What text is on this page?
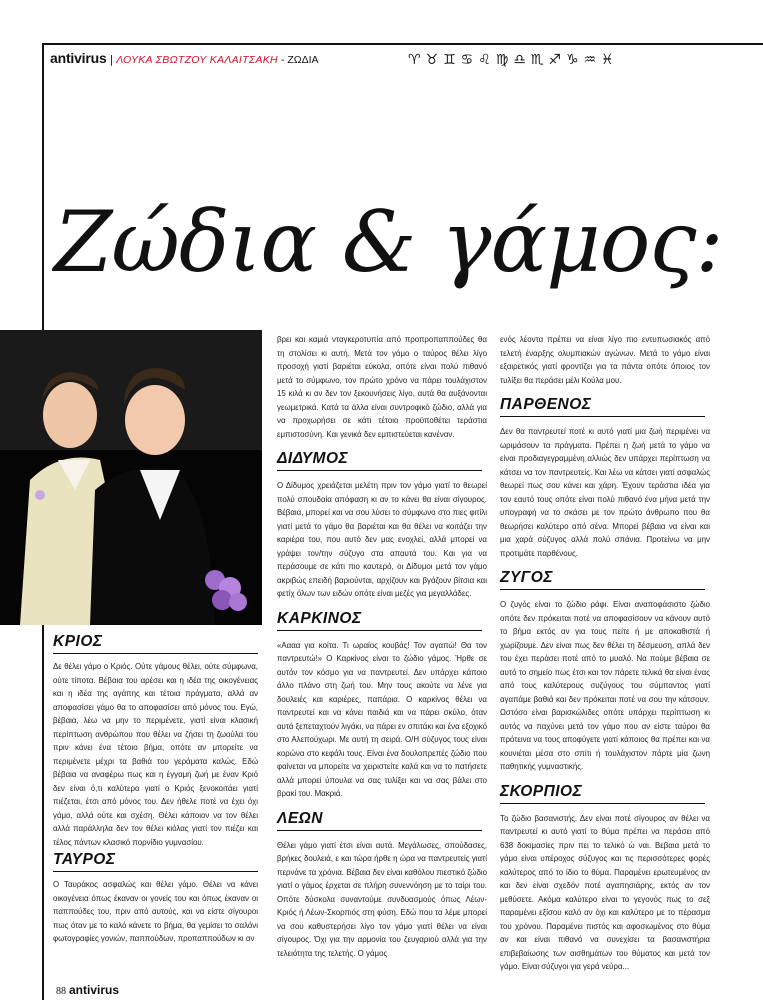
antivirus | ΛΟΥΚΑ ΣΒΩΤΖΟΥ ΚΑΛΑΙΤΣΑΚΗ - ΖΩΔΙΑ	♈♉♊♋♌♍♎♏♐♑♒♓
Ζώδια & γάμος:
ΚΡΙΟΣ

Δε θέλει γάμο ο Κριός. Ούτε γάμους θέλει, ούτε σύμφωνα, ούτε τίποτα. Βέβαια του αρέσει και η ιδέα της οικογένειας και η ιδέα της αγάπης και τέτοια πράγματα, αλλά αν αποφασίσει γάμο θα το αποφασίσει από μόνος του. Εγώ, βέβαια, λέω να μην το περιμένετε, γιατί είναι κλασική περίπτωση ανθρώπου που θέλει να ζήσει τη ζωούλα του πριν κάνει ένα τέτοιο βήμα, οπότε αν μπορείτε να περιμένετε μέχρι τα βαθιά του γεράματα καλώς. Εδώ βέβαια να αναφέρω πως και η έγγαμη ζωή με έναν Κριό δεν είναι ό,τι καλύτερο γιατί ο Κριός ξενοκοιτάει γιατί πιέζεται, έτσι από μόνος του. Δεν ήθελε ποτέ να έχει όχι γάμο, αλλά ούτε και σχέση. Θέλει κάποιον να τον θέλει αλλά παράλληλα δεν τον θέλει κιόλας γιατί τον πιέζει και τέλος πάντων κλασικό πορνίδιο γυμνασίου.

ΤΑΥΡΟΣ

Ο Ταυράκος ασφαλώς και θέλει γάμο. Θέλει να κάνει οικογένεια όπως έκαναν οι γονείς του και όπως έκαναν οι παππούδες του, πριν από αυτούς, και να είστε σίγουροι πως όταν με το καλό κάνετε το βήμα, θα γεμίσει το σαλόνι φωτογραφίες γονιών, παππούδων, προπαππούδων κι αν

βρει και καμιά νταγκεροτυπία από προπροπαππούδες θα τη στολίσει κι αυτή. Μετά τον γάμο ο ταύρος θέλει λίγο προσοχή γιατί βαριέται εύκολα, οπότε είναι πολύ πιθανό μετά το σύμφωνο, τον πρώτο χρόνο να πάρει τουλάχιστον 15 κιλά κι αν δεν τον ξεκουνήσεις λίγο, αυτά θα αυξάνονται γεωμετρικά. Κατά τα άλλα είναι συντροφικό ζώδιο, αλλά για να προχωρήσει σε κάτι τέτοιο προϋποθέτει τεράστια εμπιστοσύνη. Και γενικά δεν εμπιστεύεται κανέναν.

ΔΙΔΥΜΟΣ

Ο Δίδυμος χρειάζεται μελέτη πριν τον γάμο γιατί το θεωρεί πολύ σπουδαία απόφαση κι αν το κάνει θα είναι σίγουρος. Βέβαια, μπορεί και να σου λύσει το σύμφωνο στο πιες φιτίλι γιατί μετά το γάμο θα βαριέται και θα θέλει να κοιτάζει την καριέρα του, που αυτό δεν μας ενοχλεί, αλλά μπορεί να γράψει τον/την σύζυγο στα απαυτά του. Και για να περάσουμε σε κάτι πιο καυτερό, οι Δίδυμοι μετά τον γάμο ακριβώς επειδή βαριούνται, αρχίζουν και βγάζουν βίτσια και φετίχ όλων των ειδών οπότε είναι μεζές για μεγαλλάδες.

ΚΑΡΚΙΝΟΣ

«Αααα για κοίτα. Τι ωραίος κουβάς! Τον αγαπώ! Θα τον παντρευτώ!» Ο Καρκίνος είναι το ζώδιο γάμος. Ήρθε σε αυτόν τον κόσμο για να παντρευτεί. Δεν υπάρχει κάποιο άλλο πλάνο στη ζωή του. Μην τους ακούτε να λένε για δουλειές και καριέρες, παπάρια. Ο καρκίνος θέλει να παντρευτεί και να κάνει παιδιά και να πάρει σκύλο, όταν αυτά ξεπεταχτούν λιγάκι, να πάρει εν σπιτάκι και ένα εξοχικό στο Αλεπούχωρι. Με αυτή τη σειρά. Ο/Η σύζυγος τους είναι κορώνα στο κεφάλι τους. Είναι ένα δουλοπρεπές ζώδιο που φαίνεται να μπορείτε να χειριστείτε καλά και να το πατήσετε αλλά μπορεί ύπουλα να σας τυλίξει και να σας βάλει στο βρακί του. Μακριά.

ΛΕΩΝ

Θέλει γάμο γιατί έτσι είναι αυτά. Μεγάλωσες, σπούδασες, βρήκες δουλειά, ε και τώρα ήρθε η ώρα να παντρευτείς γιατί περνάνε τα χρόνια. Βέβαια δεν είναι καθόλου πιεστικό ζώδιο γιατί ο γάμος έρχεται σε πλήρη συνεννόηση με το ταίρι του. Οπότε δύσκολα συναντούμε συνδυασμούς όπως Λέων-Κριός ή Λέων-Σκορπιός στη φύση. Εδώ που τα λέμε μπορεί να σου καθυστερήσει λίγο τον γάμο γιατί θέλει να είναι σίγουρος. Όχι για την αρμονία του ζευγαριού αλλά για την τελειότητα της τελετής. Ο γάμος

ενός λέοντα πρέπει να είναι λίγο πιο εντυπωσιακός από τελετή έναρξης ολυμπιακών αγώνων. Μετά το γάμο είναι εξαιρετικός γιατί φροντίζει για τα πάντα οπότε όποιος τον τυλίξει θα περάσει μέλι Κούλα μου.

ΠΑΡΘΕΝΟΣ

Δεν θα παντρευτεί ποτέ κι αυτό γιατί μια ζωή περιμένει να ωριμάσουν τα πράγματα. Πρέπει η ζωή μετά το γάμο να είναι προδιαγεγραμμένη αλλιώς δεν υπάρχει περίπτωση να κάτσει να τον παντρευτείς. Και λέω να κάτσει γιατί ασφαλώς θεωρεί πως σου κάνει και χάρη. Έχουν τεράστια ιδέα για τον εαυτό τους οπότε είναι πολύ πιθανό ένα μήνα μετά την υπογραφή να το σκάσει με τον πρώτο άνθρωπο που θα θεωρήσει καλύτερο από σένα. Μπορεί βέβαια να είναι και μια χαρά σύζυγος αλλά πολύ σπάνια. Προτείνω να μην προτιμάτε παρθένους.

ΖΥΓΟΣ

Ο ζυγός είναι το ζώδιο ράφι. Είναι αναποφάσιστο ζώδιο οπότε δεν πρόκειται ποτέ να αποφασίσουν να κάνουν αυτό το βήμα εκτός αν για τους πείτε ή με αποκαθιστά ή χωρίζουμε. Δεν είναι πως δεν θέλει τη δέσμευση, απλά δεν του έχει περάσει ποτέ από το μυαλό. Να πούμε βέβαια σε αυτό το σημείο πως έτσι και τον πάρετε τελικά θα είναι ένας από τους καλύτερους συζύγους του σύμπαντος γιατί αγαπάμε βαθιά και δεν πρόκειται ποτέ να σου την κάτσουν. Ωστόσο είναι βαρισκώλιδες οπότε υπάρχει περίπτωση κι αυτός να παχύνει μετά τον γάμο που αν είστε ταύροι θα πρότεινα να τους αποφύγετε γιατί κάποιος θα πρέπει και να κουνιέται μέσα στο σπίτι ή τουλάχιστον πάρτε μία ζωνη παθητικής γυμναστικής.

ΣΚΟΡΠΙΟΣ

Το ζώδιο βασανιστής. Δεν είναι ποτέ σίγουρος αν θέλει να παντρευτεί κι αυτό γιατί το θύμα πρέπει να περάσει από 638 δοκιμασίες πριν πει το τελικό ώ ναι. Βεβαια μετά το γάμο είναι υπέροχος σύζυγος και τις περισσότερες φορές καλύτερος από το ίδιο το θύμα. Παραμένει ερωτευμένος αν και δεν είναι σχεδόν ποτέ αγαπησιάρης, εκτός αν τον μεθύσετε. Ακόμα καλύτερο είναι το γεγονός πως το σεξ παραμένει εξίσου καλό αν όχι και καλύτερο με το πέρασμα του χρόνου. Παραμένει πιστός και αφοσιωμένος στο θύμα αν και είναι πιθανό να συνεχίσει τα βασανιστήρια επιβεβαίωσης των αισθημάτων του θύματος και μετά τον γάμο. Είναι σύζυγοι για γερά νεύρα...

88 antivirus
